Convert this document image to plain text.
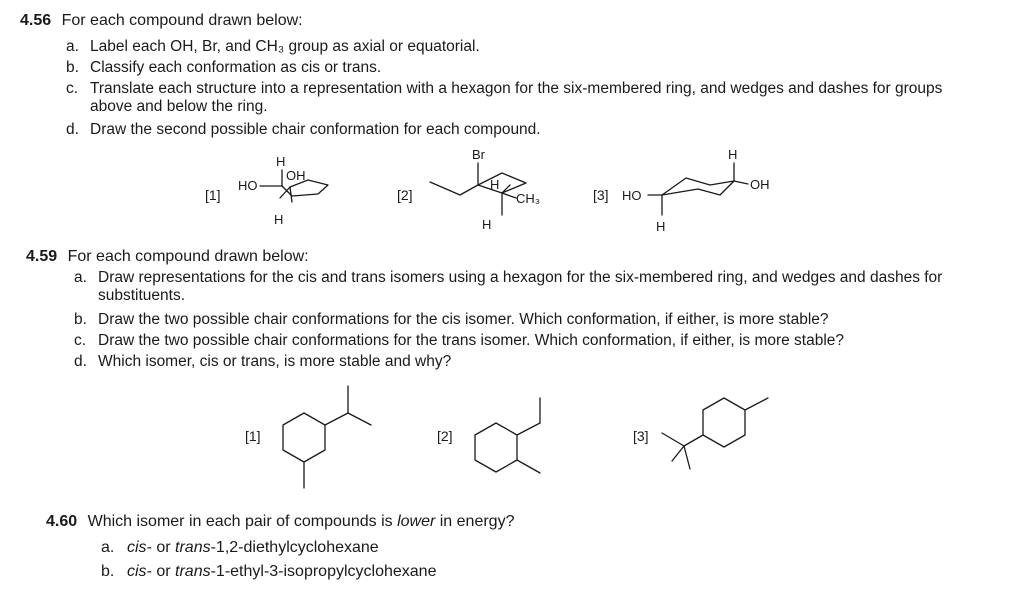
4.56 For each compound drawn below:
a. Label each OH, Br, and CH₃ group as axial or equatorial.
b. Classify each conformation as cis or trans.
c. Translate each structure into a representation with a hexagon for the six-membered ring, and wedges and dashes for groups above and below the ring.
d. Draw the second possible chair conformation for each compound.
[1]	[2]	[3]
HO
OH
H
H
Br
H
CH₃
H
HO
H
OH
H
4.59 For each compound drawn below:
a. Draw representations for the cis and trans isomers using a hexagon for the six-membered ring, and wedges and dashes for substituents.
b. Draw the two possible chair conformations for the cis isomer. Which conformation, if either, is more stable?
c. Draw the two possible chair conformations for the trans isomer. Which conformation, if either, is more stable?
d. Which isomer, cis or trans, is more stable and why?
[1]	[2]	[3]
4.60 Which isomer in each pair of compounds is lower in energy?
a. cis- or trans-1,2-diethylcyclohexane
b. cis- or trans-1-ethyl-3-isopropylcyclohexane
